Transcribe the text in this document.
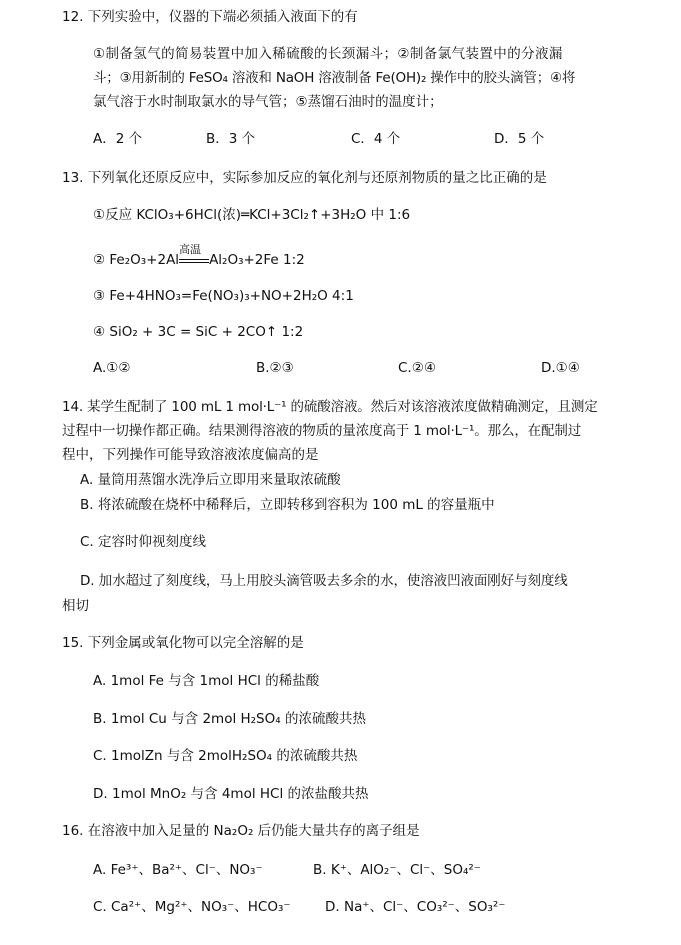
12. 下列实验中，仪器的下端必须插入液面下的有
①制备氢气的简易装置中加入稀硫酸的长颈漏斗；②制备氯气装置中的分液漏
斗；③用新制的 FeSO₄ 溶液和 NaOH 溶液制备 Fe(OH)₂ 操作中的胶头滴管；④将
氯气溶于水时制取氯水的导气管；⑤蒸馏石油时的温度计；
A．2 个	B．3 个	C．4 个	D．5 个
13. 下列氧化还原反应中，实际参加反应的氧化剂与还原剂物质的量之比正确的是
①反应 KClO₃+6HCl(浓)═KCl+3Cl₂↑+3H₂O 中 1:6
② Fe₂O₃+2Al
高温
Al₂O₃+2Fe 1:2
③ Fe+4HNO₃=Fe(NO₃)₃+NO+2H₂O 4:1
④ SiO₂ + 3C = SiC + 2CO↑ 1:2
A.①②	B.②③	C.②④	D.①④
14. 某学生配制了 100 mL 1 mol·L⁻¹ 的硫酸溶液。然后对该溶液浓度做精确测定，且测定
过程中一切操作都正确。结果测得溶液的物质的量浓度高于 1 mol·L⁻¹。那么，在配制过
程中，下列操作可能导致溶液浓度偏高的是
A. 量筒用蒸馏水洗净后立即用来量取浓硫酸
B. 将浓硫酸在烧杯中稀释后，立即转移到容积为 100 mL 的容量瓶中
C. 定容时仰视刻度线
D. 加水超过了刻度线，马上用胶头滴管吸去多余的水，使溶液凹液面刚好与刻度线
相切
15. 下列金属或氧化物可以完全溶解的是
A. 1mol Fe 与含 1mol HCl 的稀盐酸
B. 1mol Cu 与含 2mol H₂SO₄ 的浓硫酸共热
C. 1molZn 与含 2molH₂SO₄ 的浓硫酸共热
D. 1mol MnO₂ 与含 4mol HCl 的浓盐酸共热
16. 在溶液中加入足量的 Na₂O₂ 后仍能大量共存的离子组是
A. Fe³⁺、Ba²⁺、Cl⁻、NO₃⁻	B. K⁺、AlO₂⁻、Cl⁻、SO₄²⁻
C. Ca²⁺、Mg²⁺、NO₃⁻、HCO₃⁻	D. Na⁺、Cl⁻、CO₃²⁻、SO₃²⁻
